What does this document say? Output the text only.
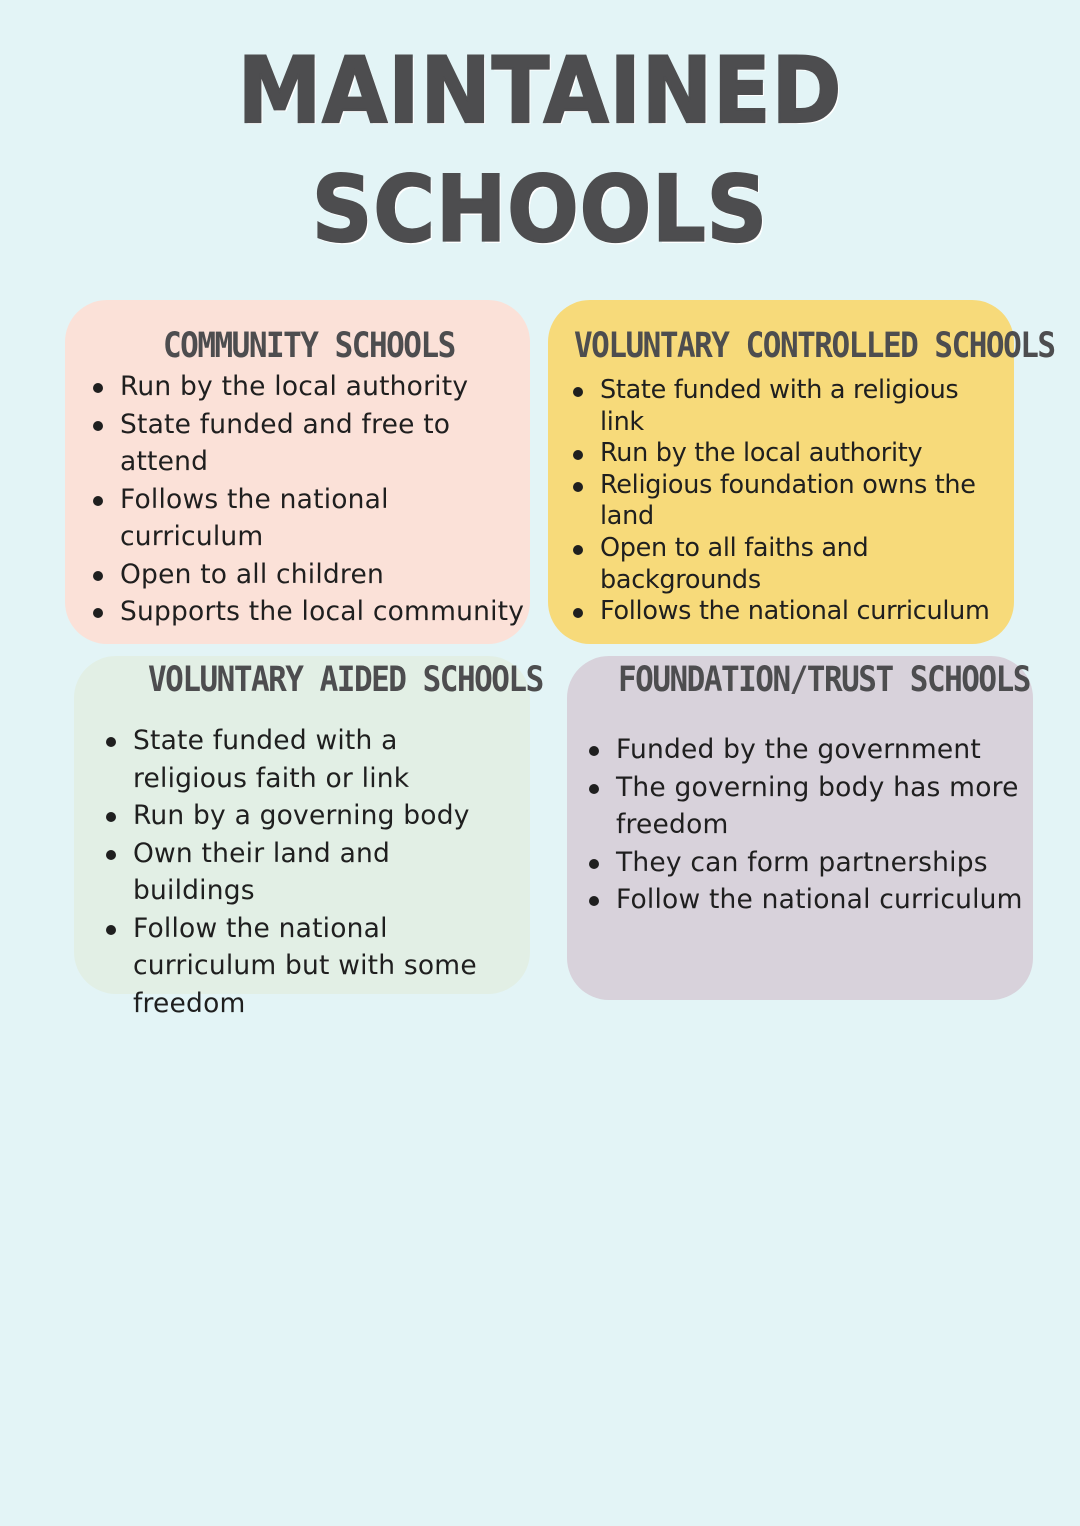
MAINTAINED SCHOOLS
COMMUNITY SCHOOLS
Run by the local authority
State funded and free to attend
Follows the national curriculum
Open to all children
Supports the local community
VOLUNTARY CONTROLLED SCHOOLS
State funded with a religious link
Run by the local authority
Religious foundation owns the land
Open to all faiths and backgrounds
Follows the national curriculum
VOLUNTARY AIDED SCHOOLS
State funded with a religious faith or link
Run by a governing body
Own their land and buildings
Follow the national curriculum but with some freedom
FOUNDATION/TRUST SCHOOLS
Funded by the government
The governing body has more freedom
They can form partnerships
Follow the national curriculum
